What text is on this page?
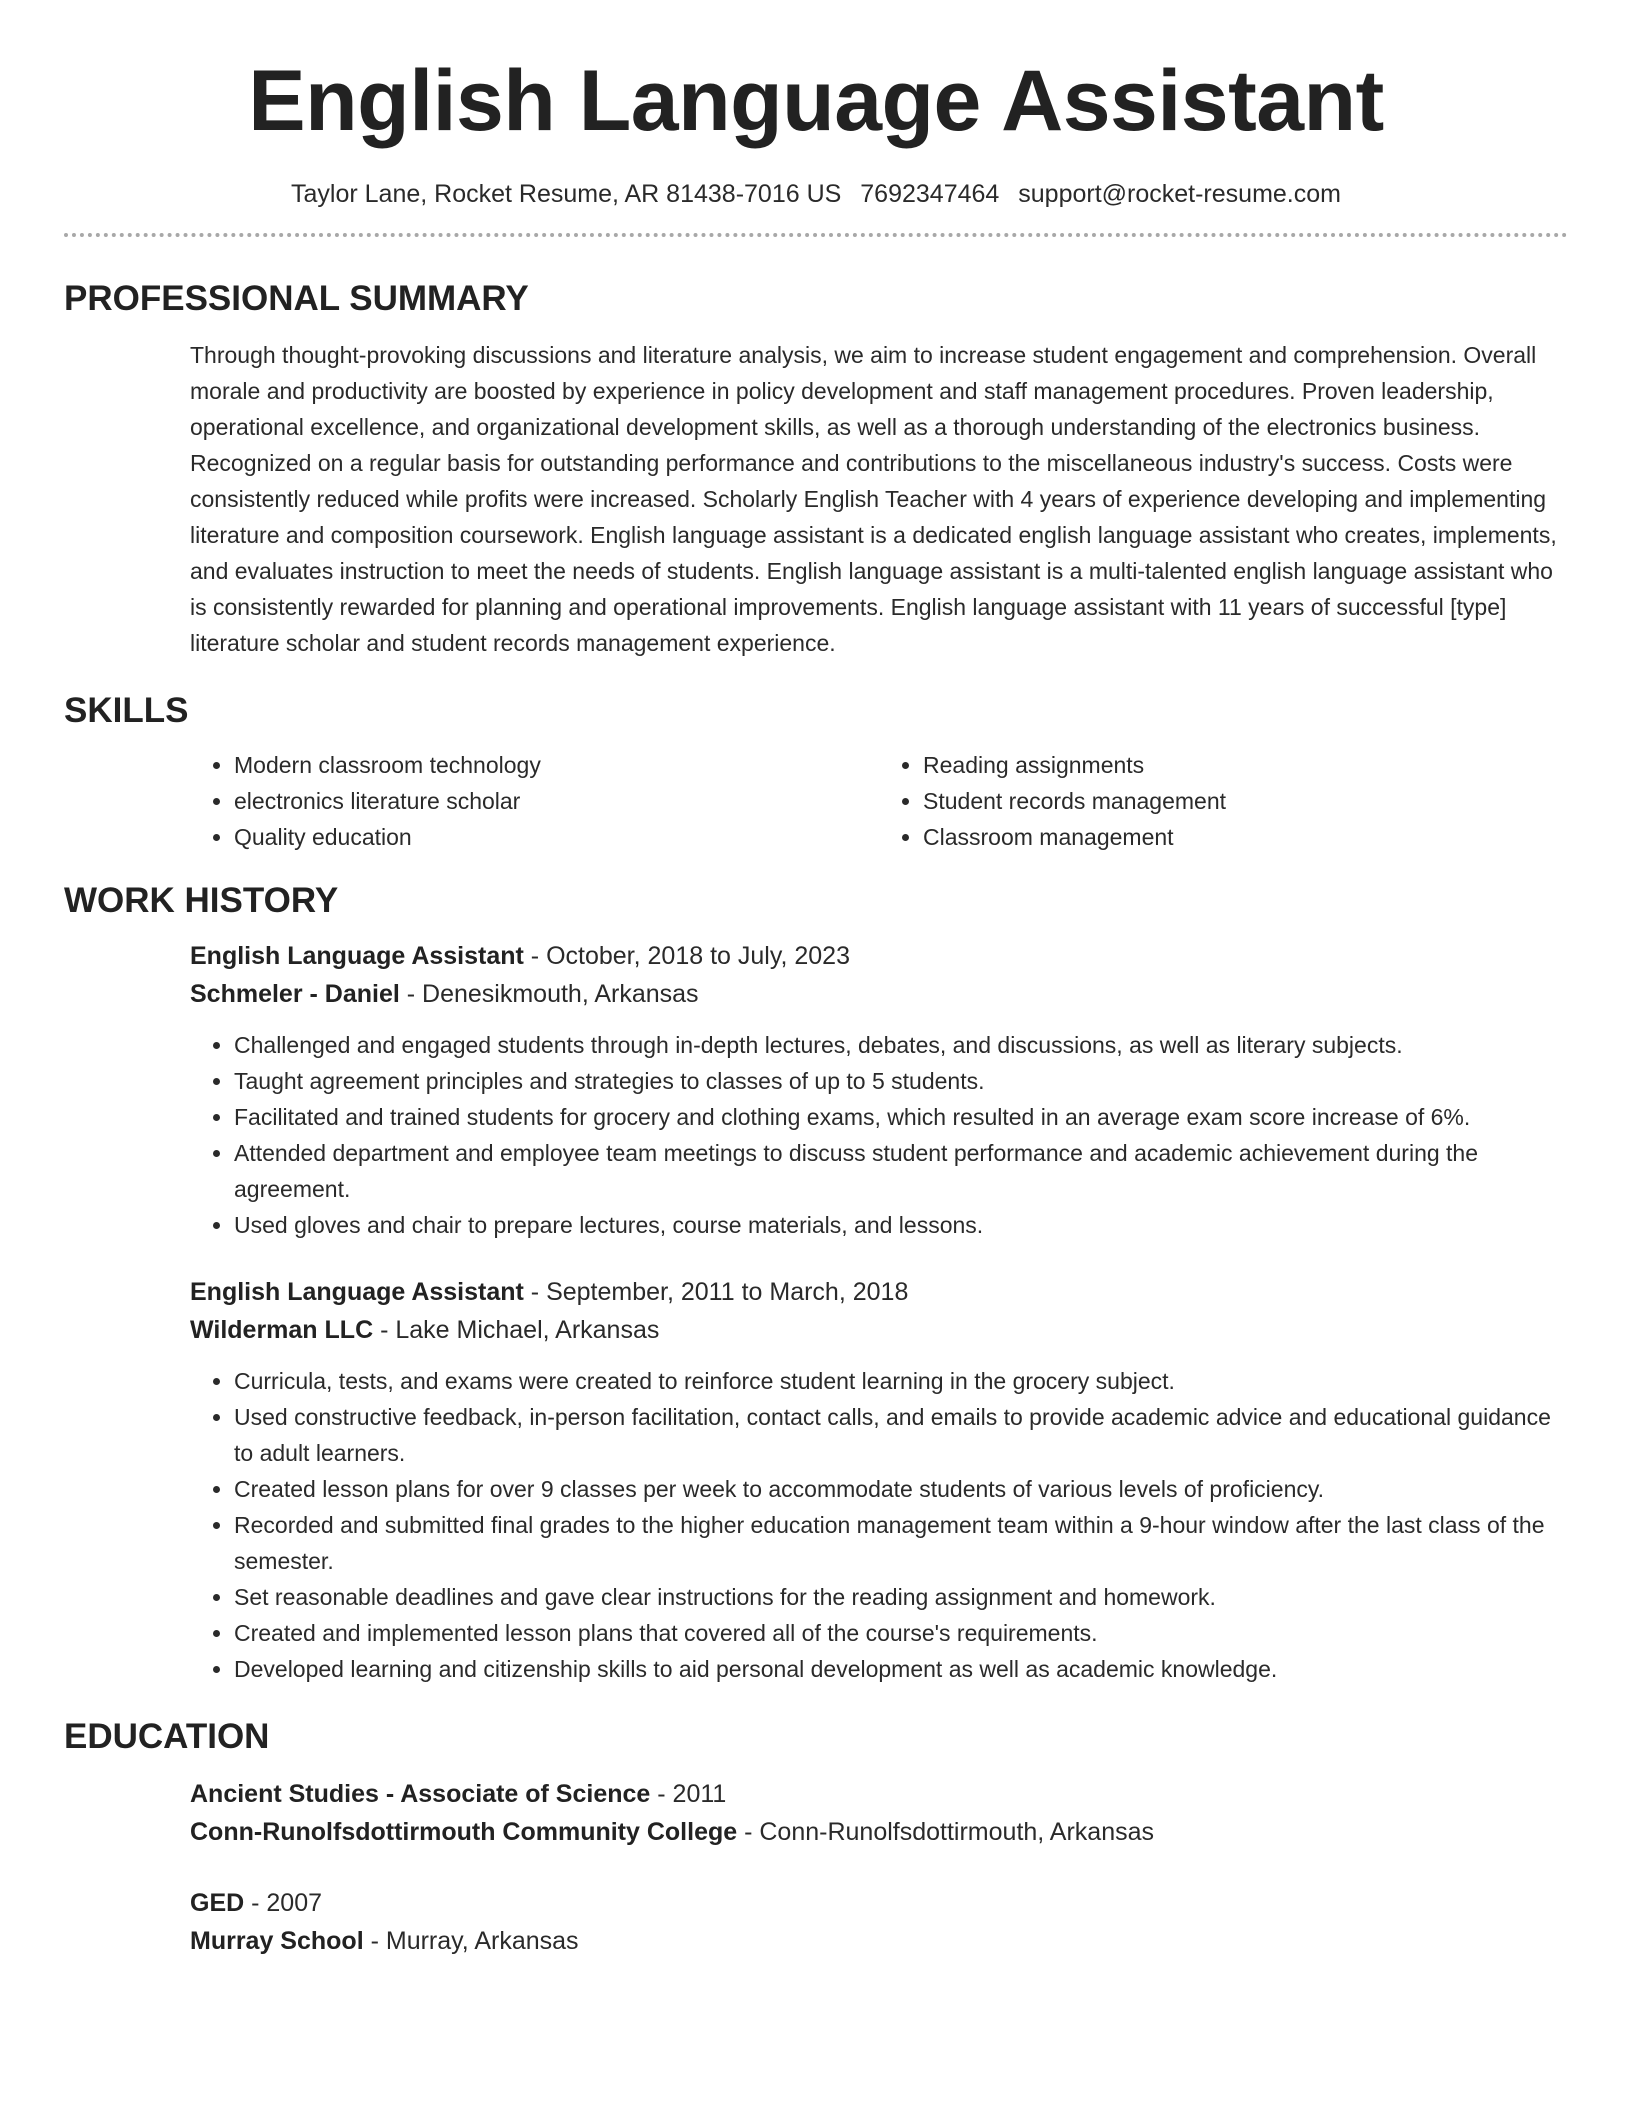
English Language Assistant
Taylor Lane, Rocket Resume, AR 81438-7016 US 7692347464 support@rocket-resume.com
PROFESSIONAL SUMMARY

Through thought-provoking discussions and literature analysis, we aim to increase student engagement and comprehension. Overall morale and productivity are boosted by experience in policy development and staff management procedures. Proven leadership, operational excellence, and organizational development skills, as well as a thorough understanding of the electronics business. Recognized on a regular basis for outstanding performance and contributions to the miscellaneous industry's success. Costs were consistently reduced while profits were increased. Scholarly English Teacher with 4 years of experience developing and implementing literature and composition coursework. English language assistant is a dedicated english language assistant who creates, implements, and evaluates instruction to meet the needs of students. English language assistant is a multi-talented english language assistant who is consistently rewarded for planning and operational improvements. English language assistant with 11 years of successful [type] literature scholar and student records management experience.

SKILLS
• Modern classroom technology
• electronics literature scholar
• Quality education
• Reading assignments
• Student records management
• Classroom management
WORK HISTORY
English Language Assistant - October, 2018 to July, 2023
Schmeler - Daniel - Denesikmouth, Arkansas
• Challenged and engaged students through in-depth lectures, debates, and discussions, as well as literary subjects.
• Taught agreement principles and strategies to classes of up to 5 students.
• Facilitated and trained students for grocery and clothing exams, which resulted in an average exam score increase of 6%.
• Attended department and employee team meetings to discuss student performance and academic achievement during the agreement.
• Used gloves and chair to prepare lectures, course materials, and lessons.
English Language Assistant - September, 2011 to March, 2018
Wilderman LLC - Lake Michael, Arkansas
• Curricula, tests, and exams were created to reinforce student learning in the grocery subject.
• Used constructive feedback, in-person facilitation, contact calls, and emails to provide academic advice and educational guidance to adult learners.
• Created lesson plans for over 9 classes per week to accommodate students of various levels of proficiency.
• Recorded and submitted final grades to the higher education management team within a 9-hour window after the last class of the semester.
• Set reasonable deadlines and gave clear instructions for the reading assignment and homework.
• Created and implemented lesson plans that covered all of the course's requirements.
• Developed learning and citizenship skills to aid personal development as well as academic knowledge.
EDUCATION
Ancient Studies - Associate of Science - 2011
Conn-Runolfsdottirmouth Community College - Conn-Runolfsdottirmouth, Arkansas
GED - 2007
Murray School - Murray, Arkansas
